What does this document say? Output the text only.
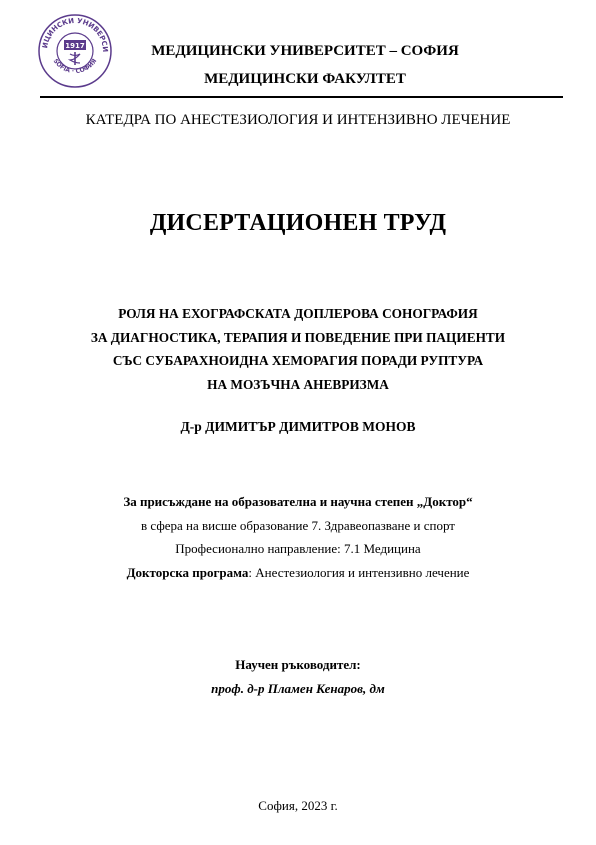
ИЦИНСКИ УНИВЕРСИ
SOFIA · СОФИЯ
1917	МЕДИЦИНСКИ УНИВЕРСИТЕТ – СОФИЯ
МЕДИЦИНСКИ ФАКУЛТЕТ
КАТЕДРА ПО АНЕСТЕЗИОЛОГИЯ И ИНТЕНЗИВНО ЛЕЧЕНИЕ
ДИСЕРТАЦИОНЕН ТРУД
РОЛЯ НА ЕХОГРАФСКАТА ДОПЛЕРОВА СОНОГРАФИЯ
ЗА ДИАГНОСТИКА, ТЕРАПИЯ И ПОВЕДЕНИЕ ПРИ ПАЦИЕНТИ
СЪС СУБАРАХНОИДНА ХЕМОРАГИЯ ПОРАДИ РУПТУРА
НА МОЗЪЧНА АНЕВРИЗМА
Д-р ДИМИТЪР ДИМИТРОВ МОНОВ
За присъждане на образователна и научна степен „Доктор“
в сфера на висше образование 7. Здравеопазване и спорт
Професионално направление: 7.1 Медицина
Докторска програма: Анестезиология и интензивно лечение
Научен ръководител:
проф. д-р Пламен Кенаров, дм
София, 2023 г.
